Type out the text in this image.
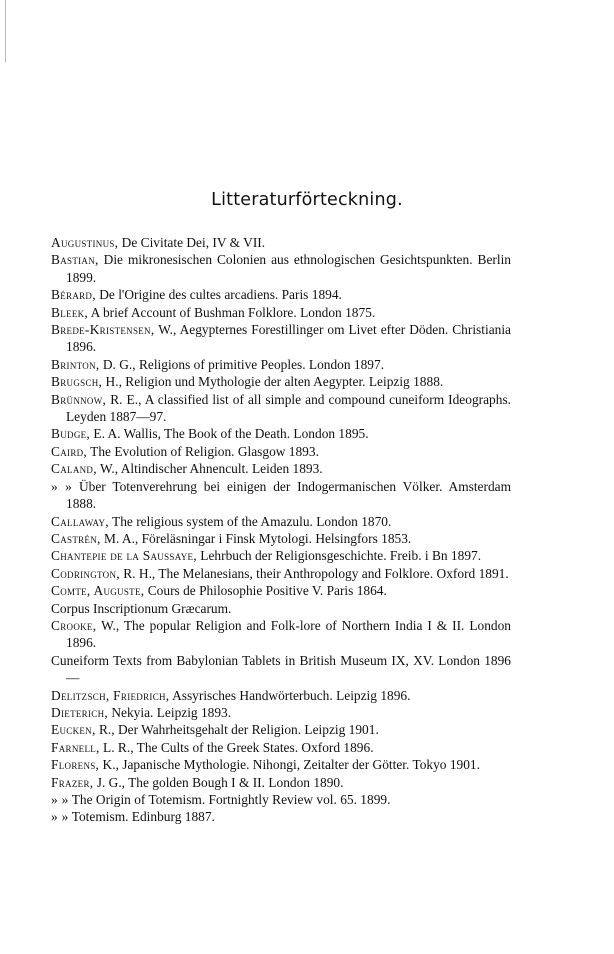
Litteraturförteckning.
Augustinus, De Civitate Dei, IV & VII.
Bastian, Die mikronesischen Colonien aus ethnologischen Gesichtspunkten. Berlin 1899.
Bérard, De l'Origine des cultes arcadiens. Paris 1894.
Bleek, A brief Account of Bushman Folklore. London 1875.
Brede-Kristensen, W., Aegypternes Forestillinger om Livet efter Döden. Christiania 1896.
Brinton, D. G., Religions of primitive Peoples. London 1897.
Brugsch, H., Religion und Mythologie der alten Aegypter. Leipzig 1888.
Brünnow, R. E., A classified list of all simple and compound cuneiform Ideographs. Leyden 1887—97.
Budge, E. A. Wallis, The Book of the Death. London 1895.
Caird, The Evolution of Religion. Glasgow 1893.
Caland, W., Altindischer Ahnencult. Leiden 1893.
» » Über Totenverehrung bei einigen der Indogermanischen Völker. Amsterdam 1888.
Callaway, The religious system of the Amazulu. London 1870.
Castrén, M. A., Föreläsningar i Finsk Mytologi. Helsingfors 1853.
Chantepie de la Saussaye, Lehrbuch der Religionsgeschichte. Freib. i Bn 1897.
Codrington, R. H., The Melanesians, their Anthropology and Folklore. Oxford 1891.
Comte, Auguste, Cours de Philosophie Positive V. Paris 1864.
Corpus Inscriptionum Græcarum.
Crooke, W., The popular Religion and Folk-lore of Northern India I & II. London 1896.
Cuneiform Texts from Babylonian Tablets in British Museum IX, XV. London 1896—
Delitzsch, Friedrich, Assyrisches Handwörterbuch. Leipzig 1896.
Dieterich, Nekyia. Leipzig 1893.
Eucken, R., Der Wahrheitsgehalt der Religion. Leipzig 1901.
Farnell, L. R., The Cults of the Greek States. Oxford 1896.
Florens, K., Japanische Mythologie. Nihongi, Zeitalter der Götter. Tokyo 1901.
Frazer, J. G., The golden Bough I & II. London 1890.
» » The Origin of Totemism. Fortnightly Review vol. 65. 1899.
» » Totemism. Edinburg 1887.
